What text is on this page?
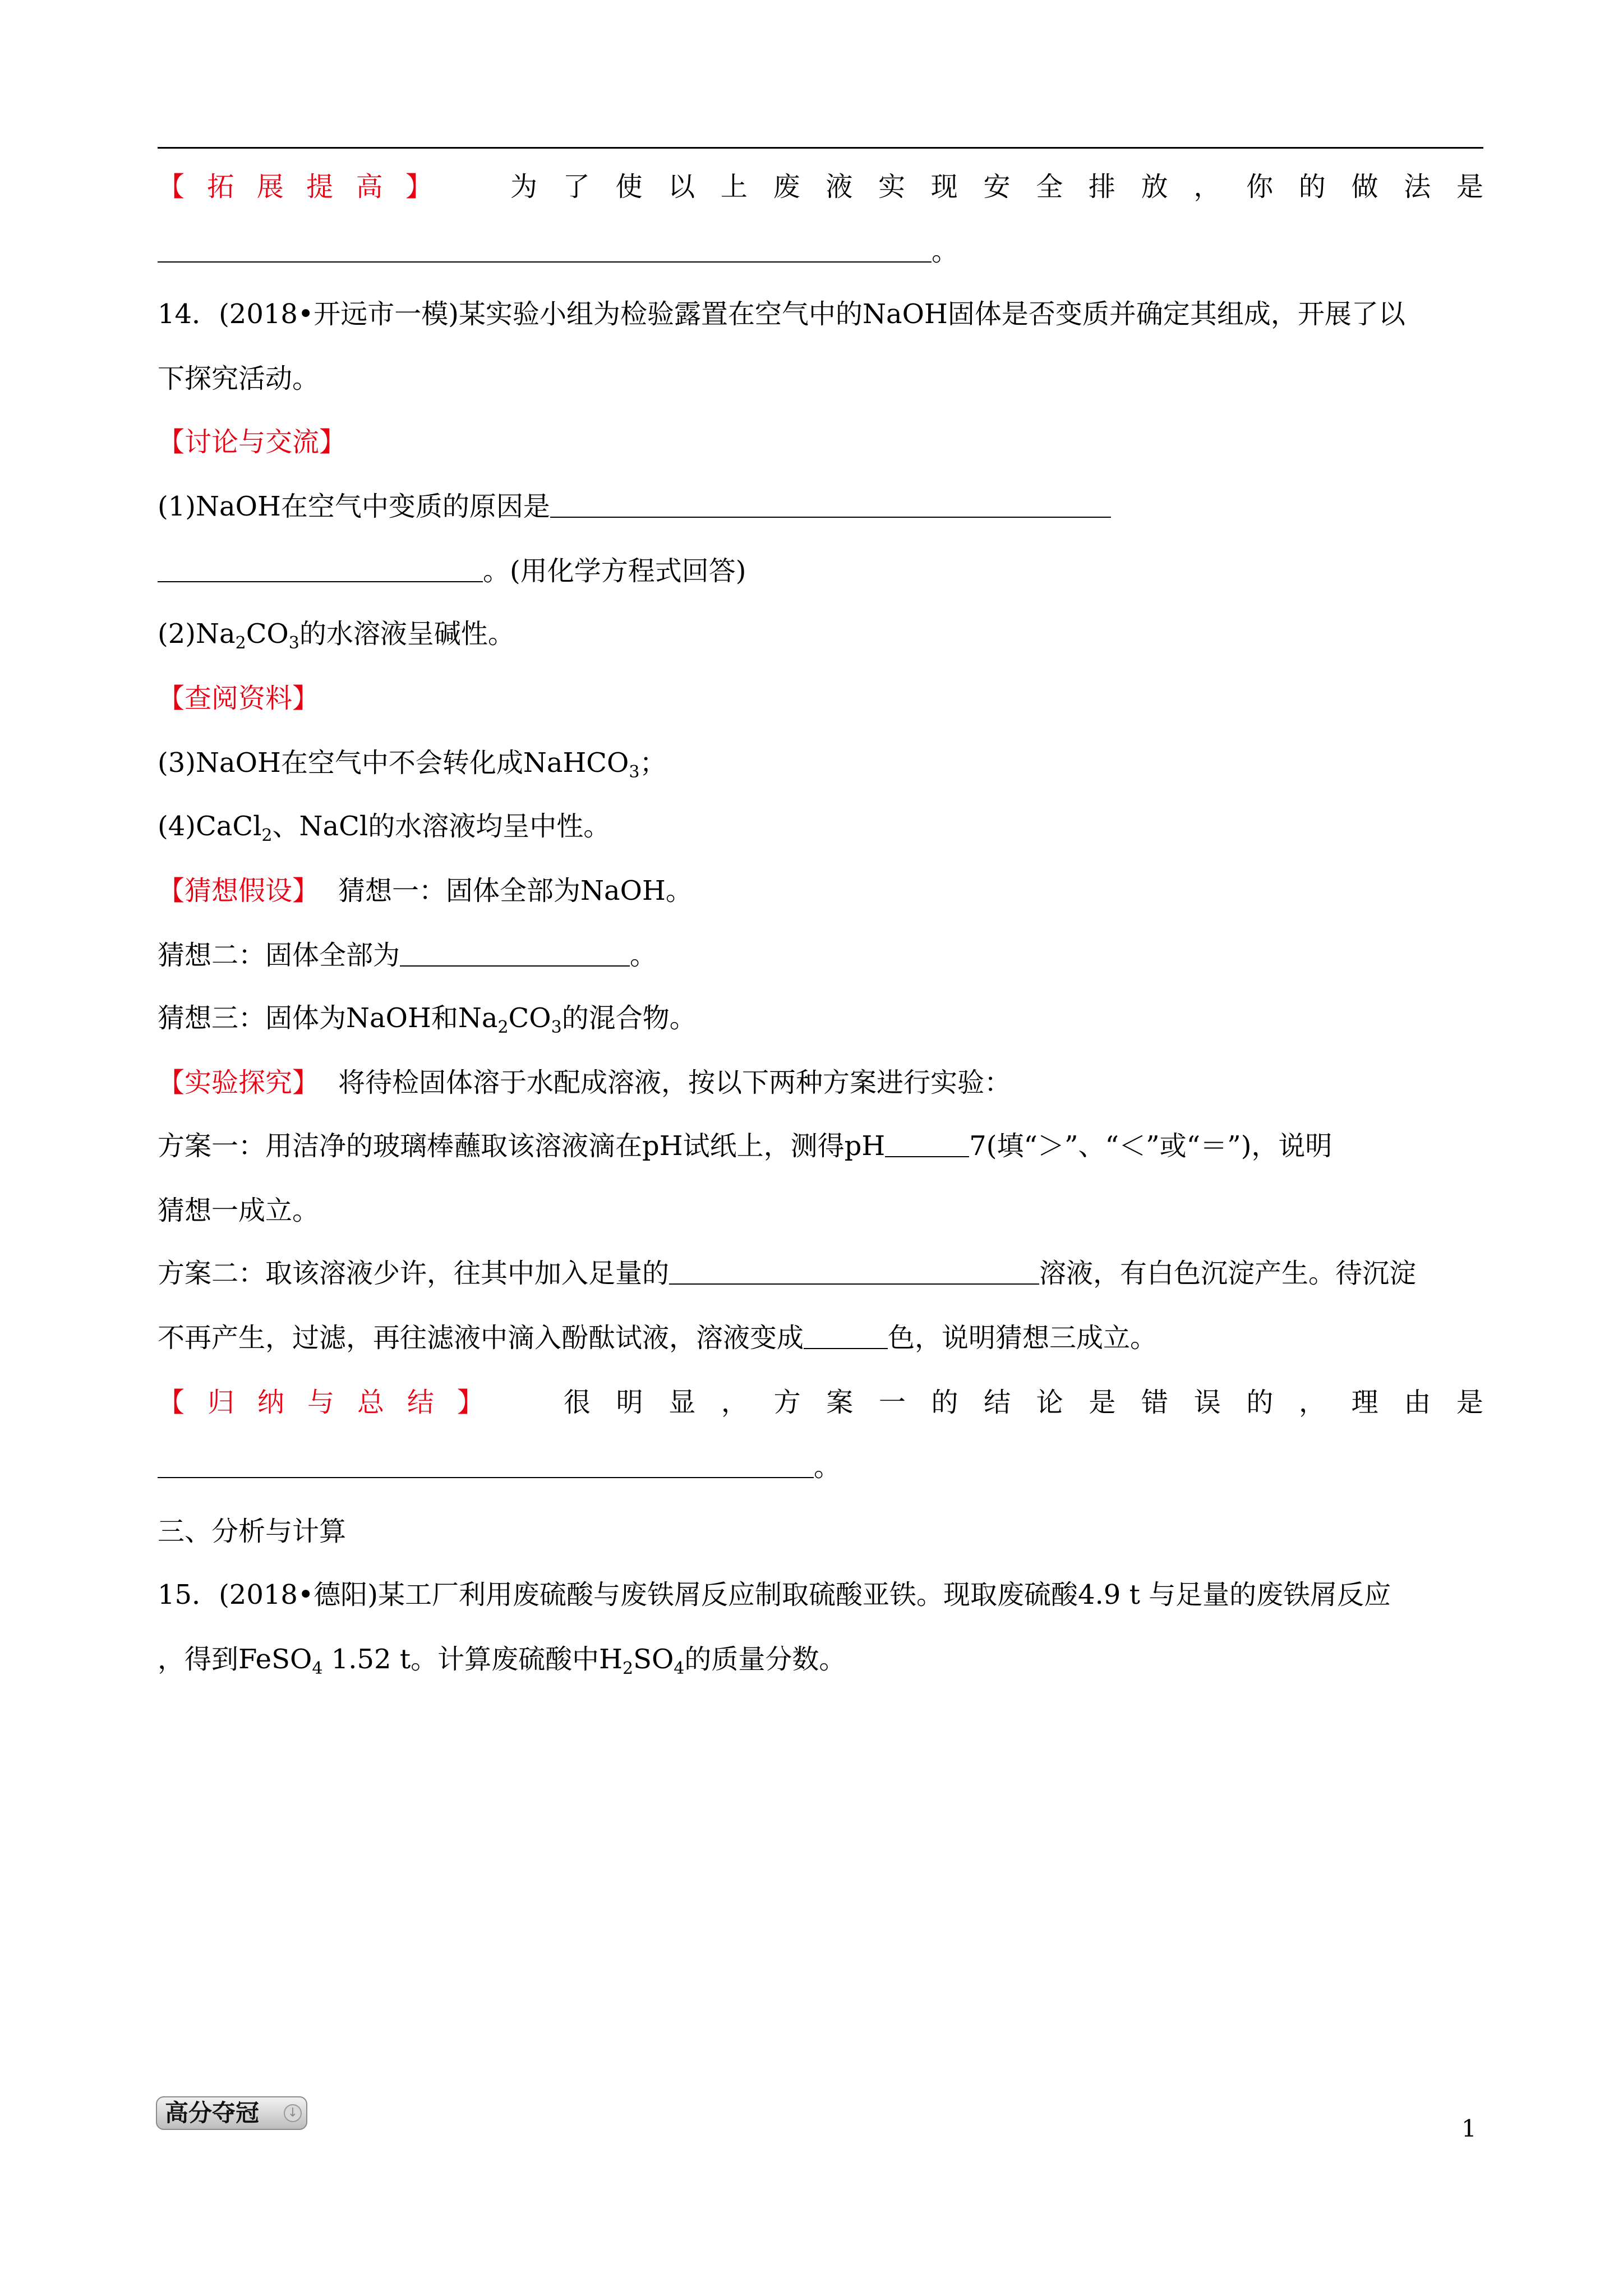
【 拓 展 提 高 】	为 了 使 以 上 废 液 实 现 安 全 排 放 ， 你 的 做 法 是
。
14．(2018•开远市一模)某实验小组为检验露置在空气中的NaOH固体是否变质并确定其组成，开展了以
下探究活动。
【讨论与交流】
(1)NaOH在空气中变质的原因是
。(用化学方程式回答)
$(2)Na_2CO_3$的水溶液呈碱性。
【查阅资料】
(3)NaOH在空气中不会转化成NaHCO$_3$；
(4)CaCl$_2$、NaCl的水溶液均呈中性。
【猜想假设】 猜想一：固体全部为NaOH。
猜想二：固体全部为	。
猜想三：固体为NaOH和$Na_2CO_3$的混合物。
【实验探究】 将待检固体溶于水配成溶液，按以下两种方案进行实验：
方案一：用洁净的玻璃棒蘸取该溶液滴在pH试纸上，测得pH	7(填“＞”、“＜”或“＝”)，说明
猜想一成立。
方案二：取该溶液少许，往其中加入足量的	溶液，有白色沉淀产生。待沉淀
不再产生，过滤，再往滤液中滴入酚酞试液，溶液变成	色，说明猜想三成立。
【 归 纳 与 总 结 】	很 明 显 ， 方 案 一 的 结 论 是 错 误 的 ， 理 由 是
。
三、分析与计算
15．(2018•德阳)某工厂利用废硫酸与废铁屑反应制取硫酸亚铁。现取废硫酸4.9 t 与足量的废铁屑反应
，得到FeSO$_4$ 1.52 t。计算废硫酸中$H_2SO_4$的质量分数。
高分夺冠	↓
1
